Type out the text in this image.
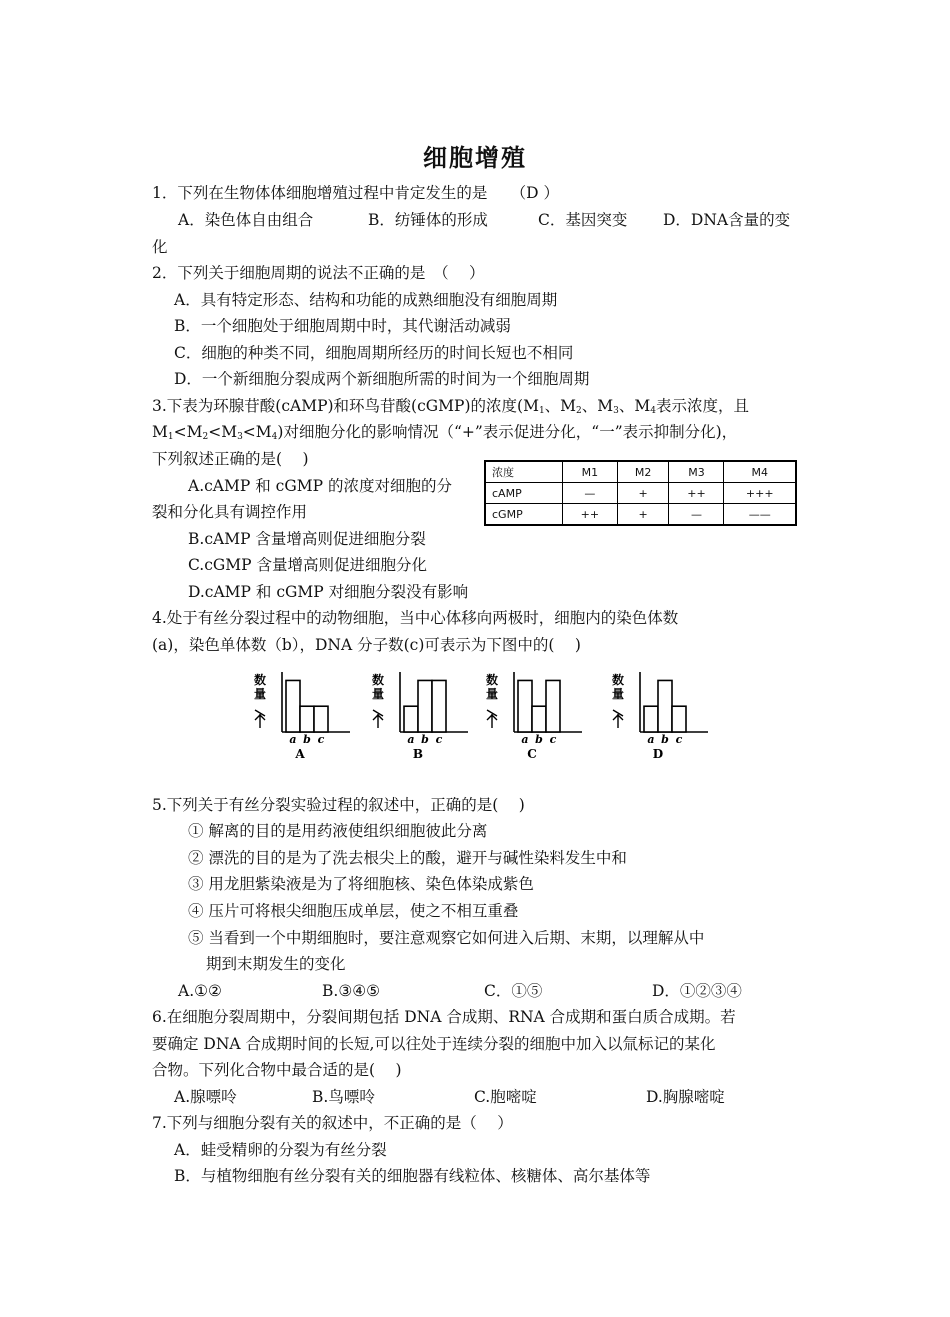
细胞增殖
1．下列在生物体体细胞增殖过程中肯定发生的是　　（D ）
A．染色体自由组合	B．纺锤体的形成	C．基因突变 D．DNA含量的变
化
2．下列关于细胞周期的说法不正确的是　（　 ）
A．具有特定形态、结构和功能的成熟细胞没有细胞周期
B．一个细胞处于细胞周期中时，其代谢活动减弱
C．细胞的种类不同，细胞周期所经历的时间长短也不相同
D．一个新细胞分裂成两个新细胞所需的时间为一个细胞周期
3.下表为环腺苷酸(cAMP)和环鸟苷酸(cGMP)的浓度($M_1$、$M_2$、$M_3$、$M_4$表示浓度，且
$M_1<M_2<M_3<M_4$)对细胞分化的影响情况（“+”表示促进分化，“一”表示抑制分化)，
下列叙述正确的是(　 )
A.cAMP 和 cGMP 的浓度对细胞的分
裂和分化具有调控作用
B.cAMP 含量增高则促进细胞分裂
C.cGMP 含量增高则促进细胞分化
D.cAMP 和 cGMP 对细胞分裂没有影响
浓度	M1	M2	M3	M4
cAMP	—	+	++	+++
cGMP	++	+	—	——
4.处于有丝分裂过程中的动物细胞，当中心体移向两极时，细胞内的染色体数
(a)，染色单体数（b），DNA 分子数(c)可表示为下图中的(　 )
数
量
a b c
A
数
量
a b c
B
数
量
a b c
C
数
量
a b c
D
5.下列关于有丝分裂实验过程的叙述中，正确的是(　 )
① 解离的目的是用药液使组织细胞彼此分离
② 漂洗的目的是为了洗去根尖上的酸，避开与碱性染料发生中和
③ 用龙胆紫染液是为了将细胞核、染色体染成紫色
④ 压片可将根尖细胞压成单层，使之不相互重叠
⑤ 当看到一个中期细胞时，要注意观察它如何进入后期、末期，以理解从中
期到末期发生的变化
A.①②	B.③④⑤	C．①⑤	D．①②③④
6.在细胞分裂周期中，分裂间期包括 DNA 合成期、RNA 合成期和蛋白质合成期。若
要确定 DNA 合成期时间的长短,可以往处于连续分裂的细胞中加入以氚标记的某化
合物。下列化合物中最合适的是(　 )
A.腺嘌呤	B.鸟嘌呤	C.胞嘧啶	D.胸腺嘧啶
7.下列与细胞分裂有关的叙述中，不正确的是（　 ）
A．蛙受精卵的分裂为有丝分裂
B．与植物细胞有丝分裂有关的细胞器有线粒体、核糖体、高尔基体等
